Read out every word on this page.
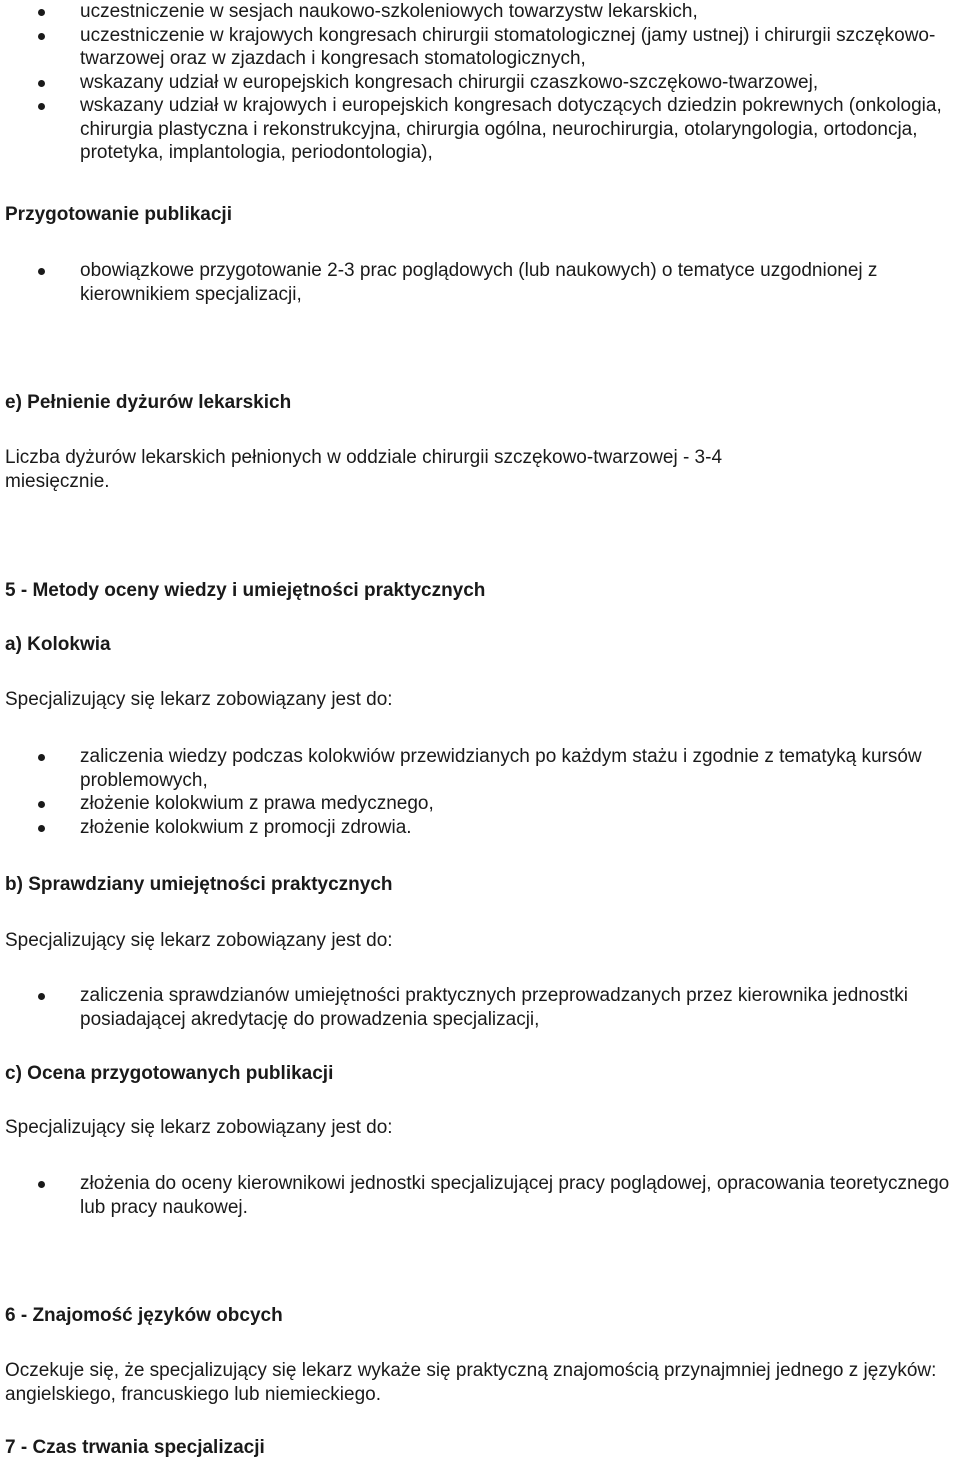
uczestniczenie w sesjach naukowo-szkoleniowych towarzystw lekarskich,
uczestniczenie w krajowych kongresach chirurgii stomatologicznej (jamy ustnej) i chirurgii szczękowo-twarzowej oraz w zjazdach i kongresach stomatologicznych,
wskazany udział w europejskich kongresach chirurgii czaszkowo-szczękowo-twarzowej,
wskazany udział w krajowych i europejskich kongresach dotyczących dziedzin pokrewnych (onkologia, chirurgia plastyczna i rekonstrukcyjna, chirurgia ogólna, neurochirurgia, otolaryngologia, ortodoncja, protetyka, implantologia, periodontologia),

Przygotowanie publikacji

obowiązkowe przygotowanie 2-3 prac poglądowych (lub naukowych) o tematyce uzgodnionej z kierownikiem specjalizacji,

e) Pełnienie dyżurów lekarskich

Liczba dyżurów lekarskich pełnionych w oddziale chirurgii szczękowo-twarzowej - 3-4 miesięcznie.

5 - Metody oceny wiedzy i umiejętności praktycznych

a) Kolokwia

Specjalizujący się lekarz zobowiązany jest do:

zaliczenia wiedzy podczas kolokwiów przewidzianych po każdym stażu i zgodnie z tematyką kursów problemowych,
złożenie kolokwium z prawa medycznego,
złożenie kolokwium z promocji zdrowia.

b) Sprawdziany umiejętności praktycznych

Specjalizujący się lekarz zobowiązany jest do:

zaliczenia sprawdzianów umiejętności praktycznych przeprowadzanych przez kierownika jednostki posiadającej akredytację do prowadzenia specjalizacji,

c) Ocena przygotowanych publikacji

Specjalizujący się lekarz zobowiązany jest do:

złożenia do oceny kierownikowi jednostki specjalizującej pracy poglądowej, opracowania teoretycznego lub pracy naukowej.

6 - Znajomość języków obcych

Oczekuje się, że specjalizujący się lekarz wykaże się praktyczną znajomością przynajmniej jednego z języków: angielskiego, francuskiego lub niemieckiego.

7 - Czas trwania specjalizacji
